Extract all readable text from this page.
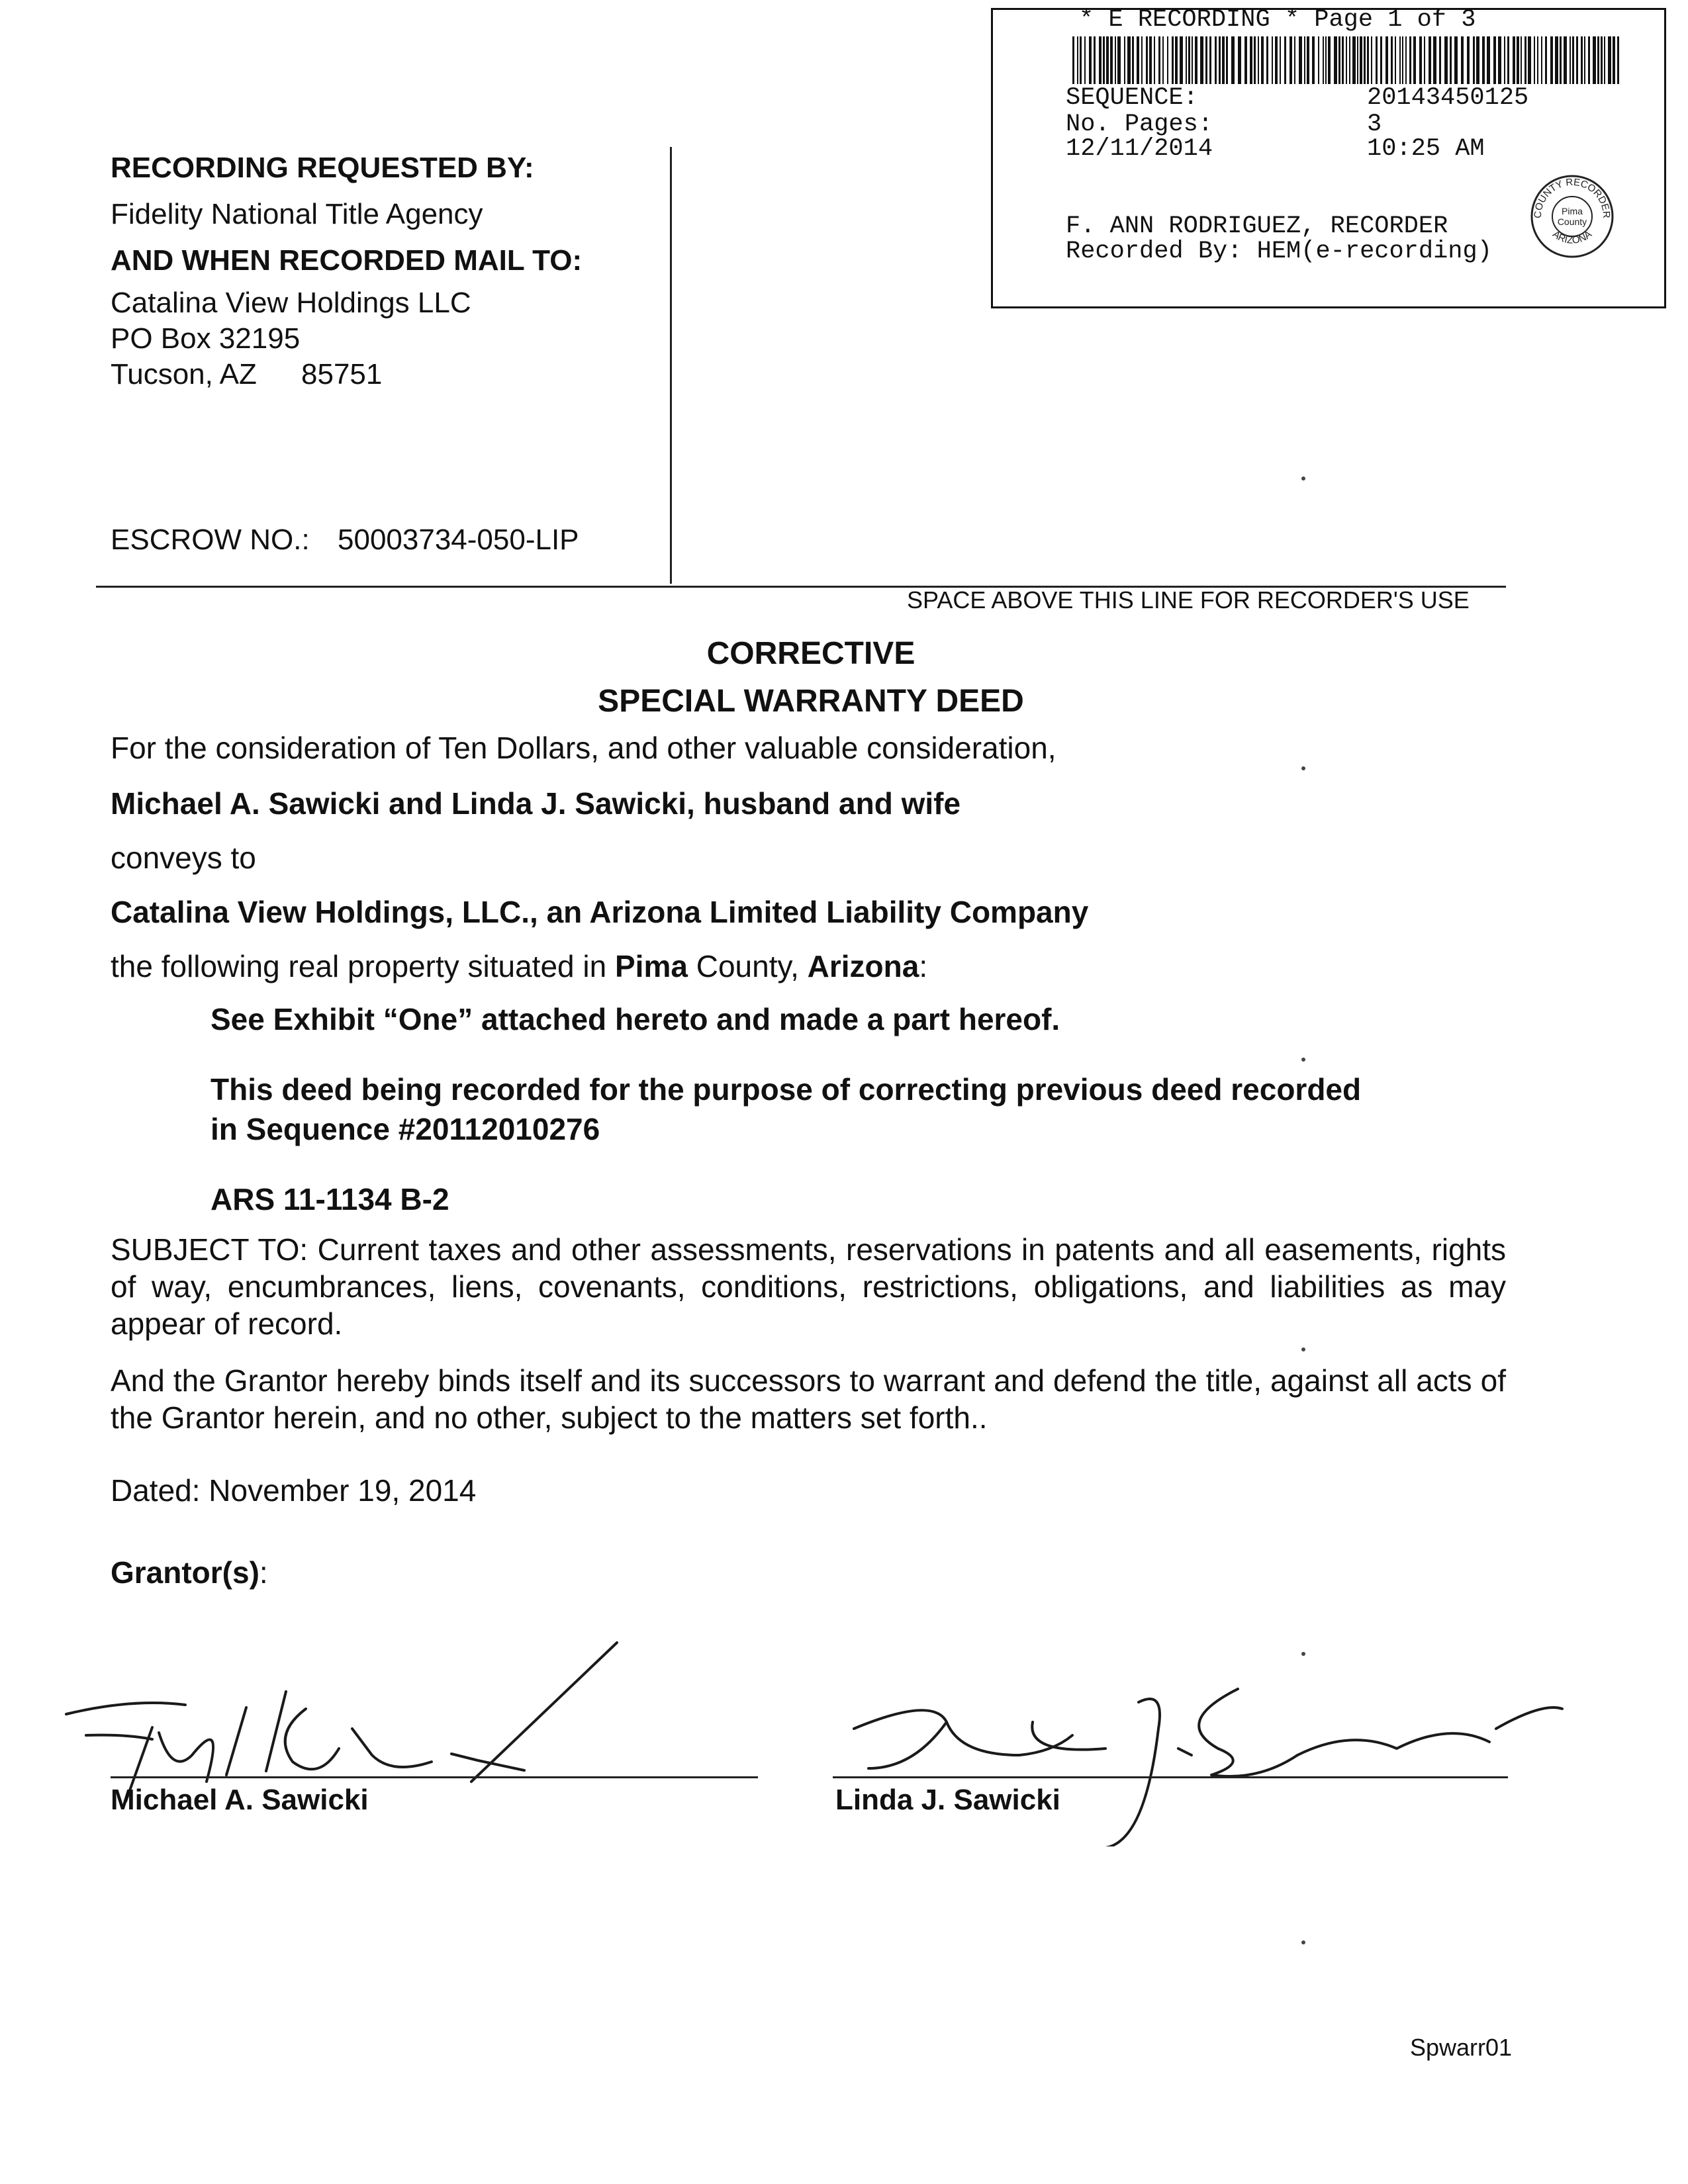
* E RECORDING * Page 1 of 3
SEQUENCE:	20143450125
No. Pages:	3
12/11/2014	10:25 AM
F. ANN RODRIGUEZ, RECORDER
Recorded By: HEM(e-recording)
COUNTY RECORDER
ARIZONA
Pima
County
RECORDING REQUESTED BY:
Fidelity National Title Agency
AND WHEN RECORDED MAIL TO:
Catalina View Holdings LLC
PO Box 32195
Tucson, AZ 85751
ESCROW NO.: 50003734-050-LIP
SPACE ABOVE THIS LINE FOR RECORDER'S USE
CORRECTIVE
SPECIAL WARRANTY DEED
For the consideration of Ten Dollars, and other valuable consideration,
Michael A. Sawicki and Linda J. Sawicki, husband and wife
conveys to
Catalina View Holdings, LLC., an Arizona Limited Liability Company
the following real property situated in Pima County, Arizona:
See Exhibit “One” attached hereto and made a part hereof.
This deed being recorded for the purpose of correcting previous deed recorded
in Sequence #20112010276
ARS 11-1134 B-2
SUBJECT TO: Current taxes and other assessments, reservations in patents and all easements, rights of way, encumbrances, liens, covenants, conditions, restrictions, obligations, and liabilities as may appear of record.
And the Grantor hereby binds itself and its successors to warrant and defend the title, against all acts of the Grantor herein, and no other, subject to the matters set forth..
Dated: November 19, 2014
Grantor(s):
Michael A. Sawicki	Linda J. Sawicki
Spwarr01
